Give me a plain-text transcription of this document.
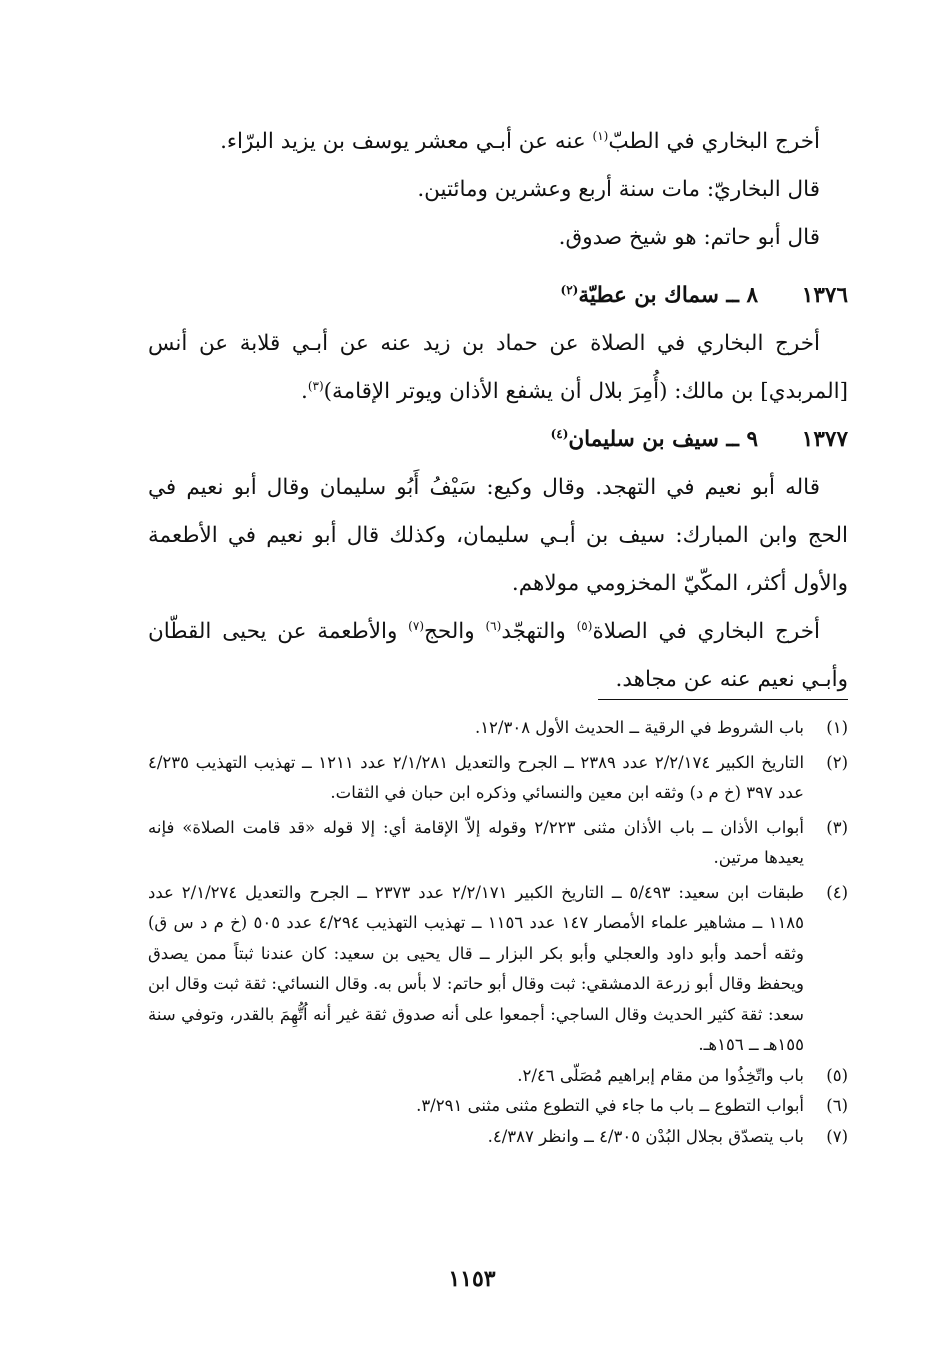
أخرج البخاري في الطبّ$^{(١)}$ عنه عن أبـي معشر يوسف بن يزيد البرّاء.

قال البخاريّ: مات سنة أربع وعشرين ومائتين.

قال أبو حاتم: هو شيخ صدوق.

١٣٧٦
٨ ــ سماك بن عطيّة$^{(٢)}$

أخرج البخاري في الصلاة عن حماد بن زيد عنه عن أبـي قلابة عن أنس [المربدي] بن مالك: (أُمِرَ بلال أن يشفع الأذان ويوتر الإقامة)$^{(٣)}$.

١٣٧٧
٩ ــ سيف بن سليمان$^{(٤)}$

قاله أبو نعيم في التهجد. وقال وكيع: سَيْفُ أَبُو سليمان وقال أبو نعيم في الحج وابن المبارك: سيف بن أبـي سليمان، وكذلك قال أبو نعيم في الأطعمة والأول أكثر، المكّيّ المخزومي مولاهم.

أخرج البخاري في الصلاة$^{(٥)}$ والتهجّد$^{(٦)}$ والحج$^{(٧)}$ والأطعمة عن يحيى القطّان وأبـي نعيم عنه عن مجاهد.

(١)
باب الشروط في الرقية ــ الحديث الأول ١٢/٣٠٨.
(٢)
التاريخ الكبير ٢/٢/١٧٤ عدد ٢٣٨٩ ــ الجرح والتعديل ٢/١/٢٨١ عدد ١٢١١ ــ تهذيب التهذيب ٤/٢٣٥ عدد ٣٩٧ (خ م د) وثقه ابن معين والنسائي وذكره ابن حبان في الثقات.
(٣)
أبواب الأذان ــ باب الأذان مثنى ٢/٢٢٣ وقوله إلاّ الإقامة أي: إلا قوله «قد قامت الصلاة» فإنه يعيدها مرتين.
(٤)
طبقات ابن سعيد: ٥/٤٩٣ ــ التاريخ الكبير ٢/٢/١٧١ عدد ٢٣٧٣ ــ الجرح والتعديل ٢/١/٢٧٤ عدد ١١٨٥ ــ مشاهير علماء الأمصار ١٤٧ عدد ١١٥٦ ــ تهذيب التهذيب ٤/٢٩٤ عدد ٥٠٥ (خ م د س ق) وثقه أحمد وأبو داود والعجلي وأبو بكر البزار ــ قال يحيى بن سعيد: كان عندنا ثبتاً ممن يصدق ويحفظ وقال أبو زرعة الدمشقي: ثبت وقال أبو حاتم: لا بأس به. وقال النسائي: ثقة ثبت وقال ابن سعد: ثقة كثير الحديث وقال الساجي: أجمعوا على أنه صدوق ثقة غير أنه اُتُّهِمَ بالقدر، وتوفي سنة ١٥٥هـ ــ ١٥٦هـ.
(٥)
باب واتّخِذُوا من مقام إبراهيم مُصَلّى ٢/٤٦.
(٦)
أبواب التطوع ــ باب ما جاء في التطوع مثنى مثنى ٣/٢٩١.
(٧)
باب يتصدّق بجلال البُدْن ٤/٣٠٥ ــ وانظر ٤/٣٨٧.
١١٥٣
